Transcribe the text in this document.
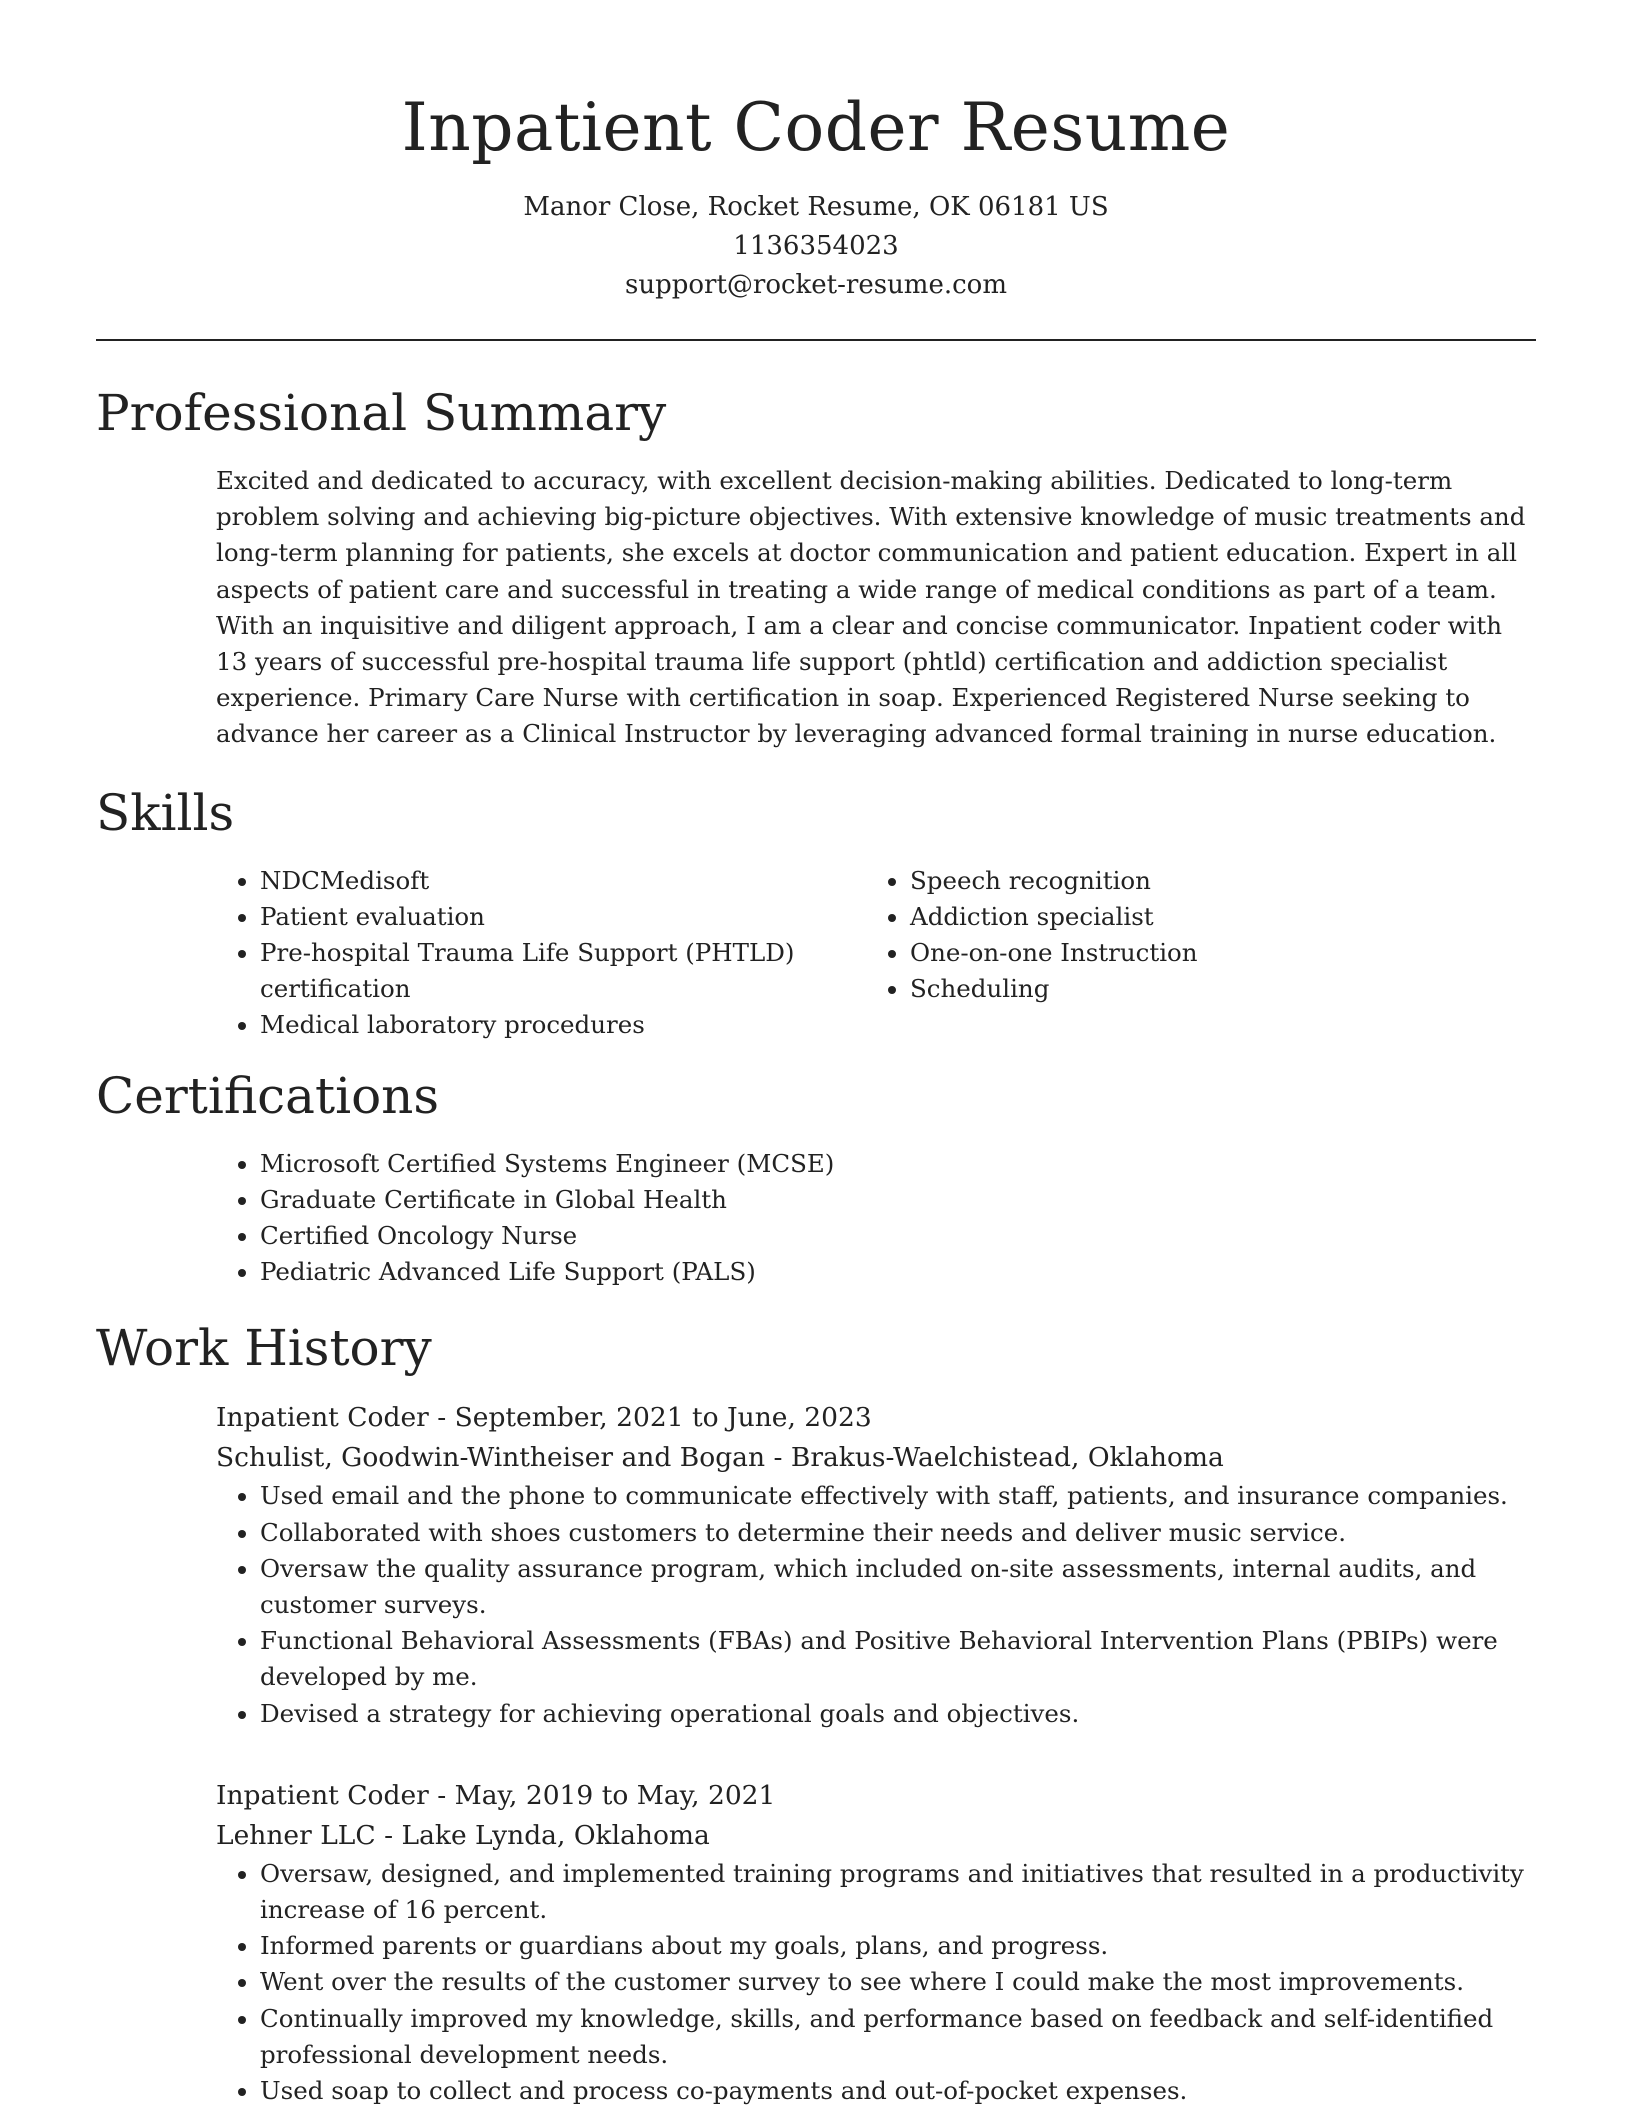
Inpatient Coder Resume
Manor Close, Rocket Resume, OK 06181 US
1136354023
support@rocket-resume.com
Professional Summary

Excited and dedicated to accuracy, with excellent decision-making abilities. Dedicated to long-term problem solving and achieving big-picture objectives. With extensive knowledge of music treatments and long-term planning for patients, she excels at doctor communication and patient education. Expert in all aspects of patient care and successful in treating a wide range of medical conditions as part of a team. With an inquisitive and diligent approach, I am a clear and concise communicator. Inpatient coder with 13 years of successful pre-hospital trauma life support (phtld) certification and addiction specialist experience. Primary Care Nurse with certification in soap. Experienced Registered Nurse seeking to advance her career as a Clinical Instructor by leveraging advanced formal training in nurse education.

Skills
• NDCMedisoft
• Patient evaluation
• Pre-hospital Trauma Life Support (PHTLD) certification
• Medical laboratory procedures
• Speech recognition
• Addiction specialist
• One-on-one Instruction
• Scheduling
Certifications
• Microsoft Certified Systems Engineer (MCSE)
• Graduate Certificate in Global Health
• Certified Oncology Nurse
• Pediatric Advanced Life Support (PALS)
Work History
Inpatient Coder - September, 2021 to June, 2023
Schulist, Goodwin-Wintheiser and Bogan - Brakus-Waelchistead, Oklahoma
• Used email and the phone to communicate effectively with staff, patients, and insurance companies.
• Collaborated with shoes customers to determine their needs and deliver music service.
• Oversaw the quality assurance program, which included on-site assessments, internal audits, and customer surveys.
• Functional Behavioral Assessments (FBAs) and Positive Behavioral Intervention Plans (PBIPs) were developed by me.
• Devised a strategy for achieving operational goals and objectives.
Inpatient Coder - May, 2019 to May, 2021
Lehner LLC - Lake Lynda, Oklahoma
• Oversaw, designed, and implemented training programs and initiatives that resulted in a productivity increase of 16 percent.
• Informed parents or guardians about my goals, plans, and progress.
• Went over the results of the customer survey to see where I could make the most improvements.
• Continually improved my knowledge, skills, and performance based on feedback and self-identified professional development needs.
• Used soap to collect and process co-payments and out-of-pocket expenses.
